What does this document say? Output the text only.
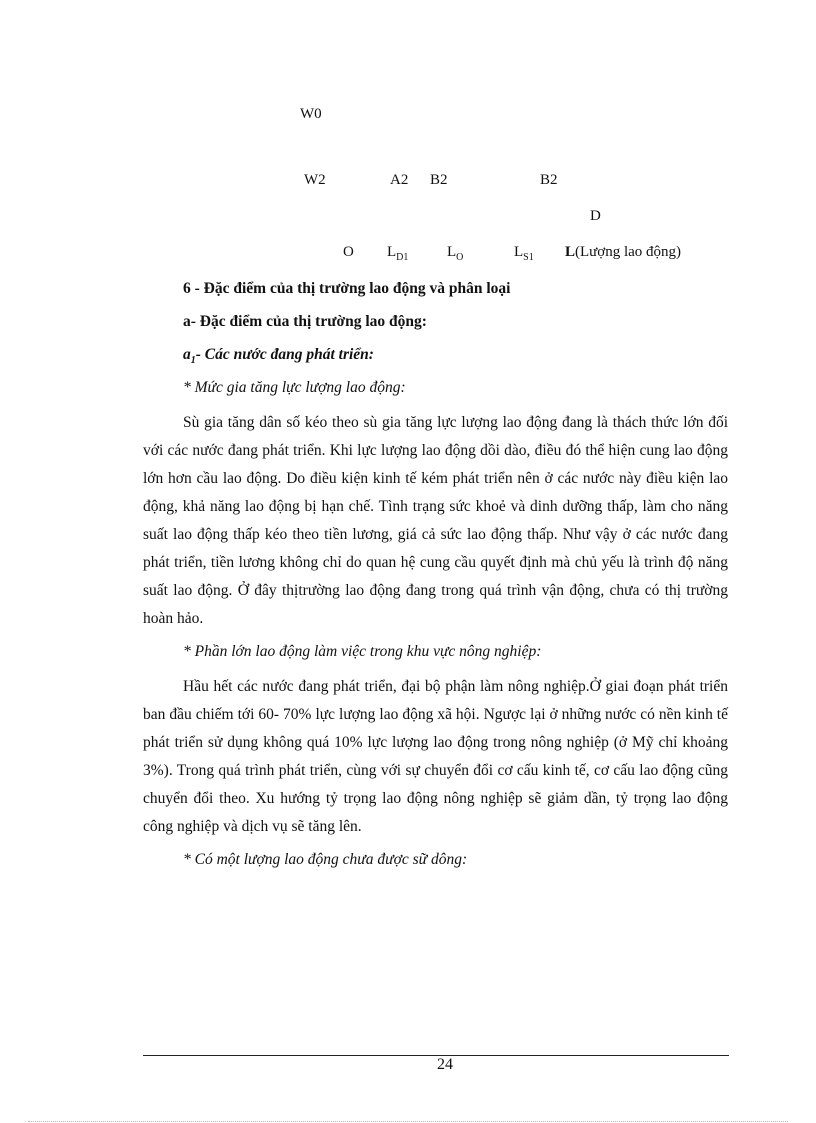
W0
W2	A2 B2	B2
D
O $L_{D1}$	$L_O$	$L_{S1}$ L(Lượng lao động)

6 - Đặc điểm của thị trường lao động và phân loại

a- Đặc điểm của thị trường lao động:

$a_1-$ Các nước đang phát triển:

* Mức gia tăng lực lượng lao động:

Sù gia tăng dân số kéo theo sù gia tăng lực lượng lao động đang là thách thức lớn đối với các nước đang phát triển. Khi lực lượng lao động dồi dào, điều đó thể hiện cung lao động lớn hơn cầu lao động. Do điều kiện kinh tế kém phát triển nên ở các nước này điều kiện lao động, khả năng lao động bị hạn chế. Tình trạng sức khoẻ và dinh dưỡng thấp, làm cho năng suất lao động thấp kéo theo tiền lương, giá cả sức lao động thấp. Như vậy ở các nước đang phát triển, tiền lương không chỉ do quan hệ cung cầu quyết định mà chủ yếu là trình độ năng suất lao động. Ở đây thịtrường lao động đang trong quá trình vận động, chưa có thị trường hoàn hảo.

* Phần lớn lao động làm việc trong khu vực nông nghiệp:

Hầu hết các nước đang phát triển, đại bộ phận làm nông nghiệp.Ở giai đoạn phát triển ban đầu chiếm tới 60- 70% lực lượng lao động xã hội. Ngược lại ở những nước có nền kinh tế phát triển sử dụng không quá 10% lực lượng lao động trong nông nghiệp (ở Mỹ chỉ khoảng 3%). Trong quá trình phát triển, cùng với sự chuyển đổi cơ cấu kinh tế, cơ cấu lao động cũng chuyển đổi theo. Xu hướng tỷ trọng lao động nông nghiệp sẽ giảm dần, tỷ trọng lao động công nghiệp và dịch vụ sẽ tăng lên.

* Có một lượng lao động chưa được sữ dông:

24
